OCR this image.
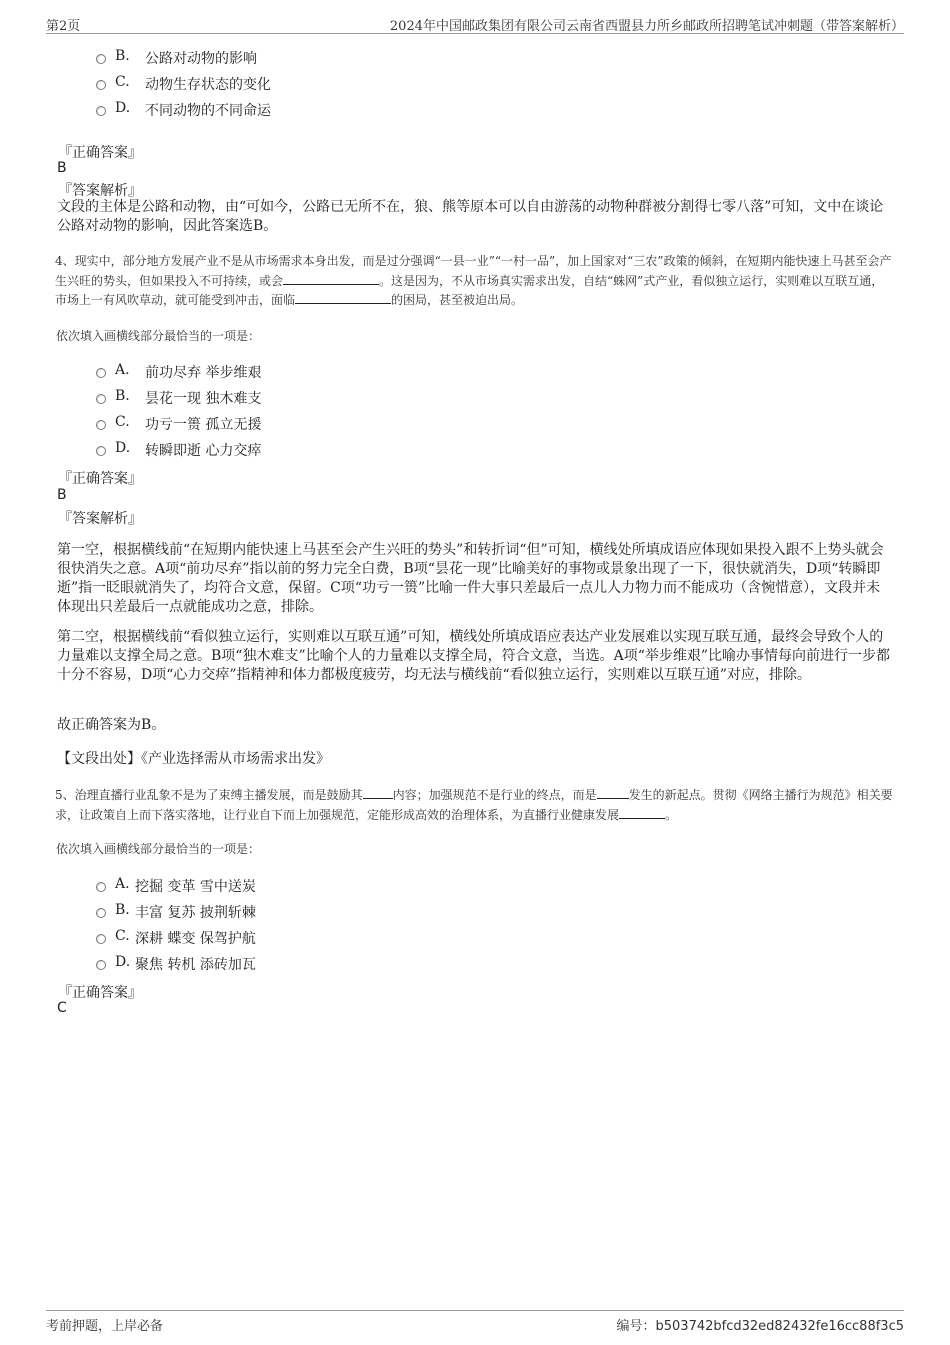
第2页	2024年中国邮政集团有限公司云南省西盟县力所乡邮政所招聘笔试冲刺题（带答案解析）
B.	公路对动物的影响
C.	动物生存状态的变化
D.	不同动物的不同命运
『正确答案』
B
『答案解析』
文段的主体是公路和动物，由“可如今，公路已无所不在，狼、熊等原本可以自由游荡的动物种群被分割得七零八落”可知，文中在谈论公路对动物的影响，因此答案选B。
4、现实中，部分地方发展产业不是从市场需求本身出发，而是过分强调“一县一业”“一村一品”，加上国家对“三农”政策的倾斜，在短期内能快速上马甚至会产生兴旺的势头，但如果投入不可持续，或会	。这是因为，不从市场真实需求出发，自结“蛛网”式产业，看似独立运行，实则难以互联互通，市场上一有风吹草动，就可能受到冲击，面临	的困局，甚至被迫出局。
依次填入画横线部分最恰当的一项是：
A.	前功尽弃 举步维艰
B.	昙花一现 独木难支
C.	功亏一篑 孤立无援
D.	转瞬即逝 心力交瘁
『正确答案』
B
『答案解析』
第一空，根据横线前“在短期内能快速上马甚至会产生兴旺的势头”和转折词“但”可知，横线处所填成语应体现如果投入跟不上势头就会很快消失之意。A项“前功尽弃”指以前的努力完全白费，B项“昙花一现”比喻美好的事物或景象出现了一下，很快就消失，D项“转瞬即逝”指一眨眼就消失了，均符合文意，保留。C项“功亏一篑”比喻一件大事只差最后一点儿人力物力而不能成功（含惋惜意），文段并未体现出只差最后一点就能成功之意，排除。
第二空，根据横线前“看似独立运行，实则难以互联互通”可知，横线处所填成语应表达产业发展难以实现互联互通，最终会导致个人的力量难以支撑全局之意。B项“独木难支”比喻个人的力量难以支撑全局，符合文意，当选。A项“举步维艰”比喻办事情每向前进行一步都十分不容易，D项“心力交瘁”指精神和体力都极度疲劳，均无法与横线前“看似独立运行，实则难以互联互通”对应，排除。
故正确答案为B。
【文段出处】《产业选择需从市场需求出发》
5、治理直播行业乱象不是为了束缚主播发展，而是鼓励其	内容；加强规范不是行业的终点，而是	发生的新起点。贯彻《网络主播行为规范》相关要求，让政策自上而下落实落地，让行业自下而上加强规范，定能形成高效的治理体系，为直播行业健康发展	。
依次填入画横线部分最恰当的一项是：
A. 挖掘 变革 雪中送炭
B. 丰富 复苏 披荆斩棘
C. 深耕 蝶变 保驾护航
D. 聚焦 转机 添砖加瓦
『正确答案』
C
考前押题，上岸必备	编号：b503742bfcd32ed82432fe16cc88f3c5
